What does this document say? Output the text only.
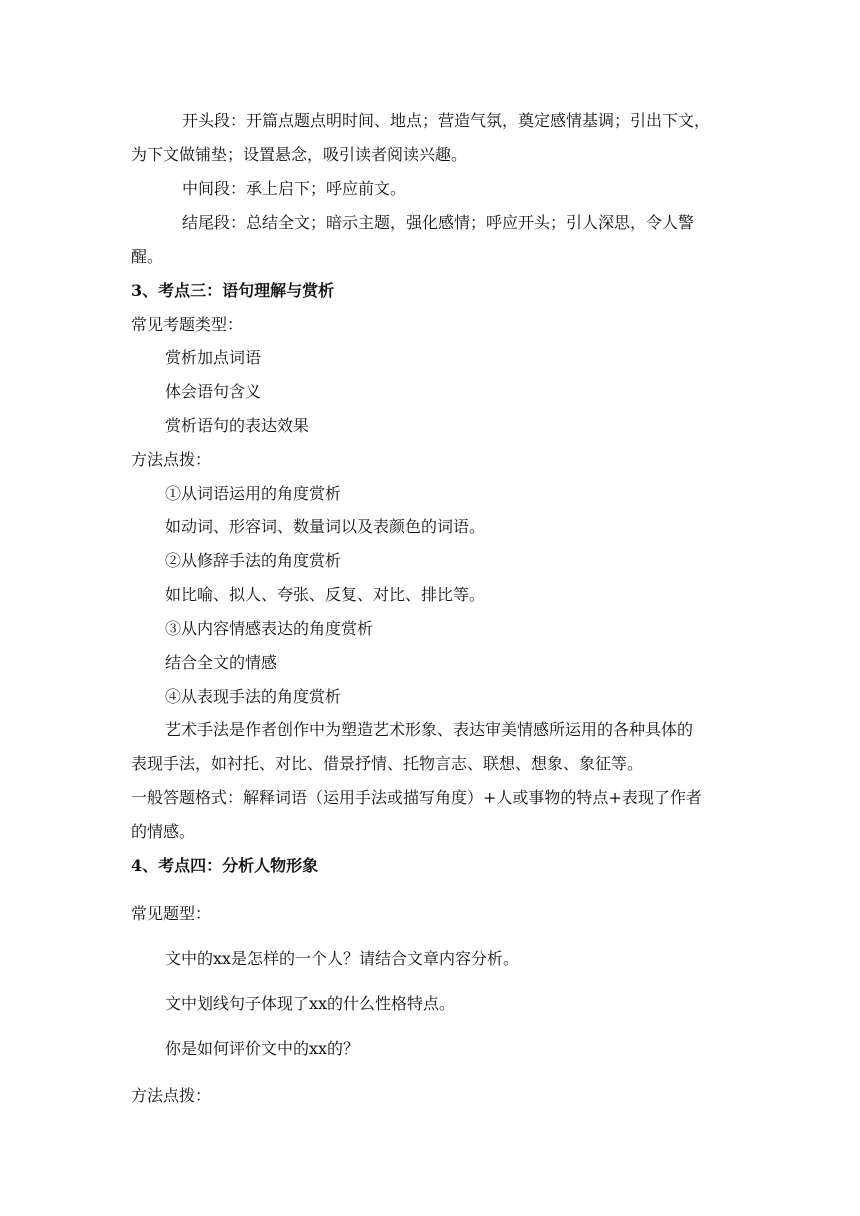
开头段：开篇点题点明时间、地点；营造气氛，奠定感情基调；引出下文，
为下文做铺垫；设置悬念，吸引读者阅读兴趣。
中间段：承上启下；呼应前文。
结尾段：总结全文；暗示主题，强化感情；呼应开头；引人深思，令人警
醒。
3、考点三：语句理解与赏析
常见考题类型：
赏析加点词语
体会语句含义
赏析语句的表达效果
方法点拨：
①从词语运用的角度赏析
如动词、形容词、数量词以及表颜色的词语。
②从修辞手法的角度赏析
如比喻、拟人、夸张、反复、对比、排比等。
③从内容情感表达的角度赏析
结合全文的情感
④从表现手法的角度赏析
艺术手法是作者创作中为塑造艺术形象、表达审美情感所运用的各种具体的
表现手法，如衬托、对比、借景抒情、托物言志、联想、想象、象征等。
一般答题格式：解释词语（运用手法或描写角度）+人或事物的特点+表现了作者
的情感。
4、考点四：分析人物形象
常见题型：
文中的xx是怎样的一个人？请结合文章内容分析。
文中划线句子体现了xx的什么性格特点。
你是如何评价文中的xx的？
方法点拨：
